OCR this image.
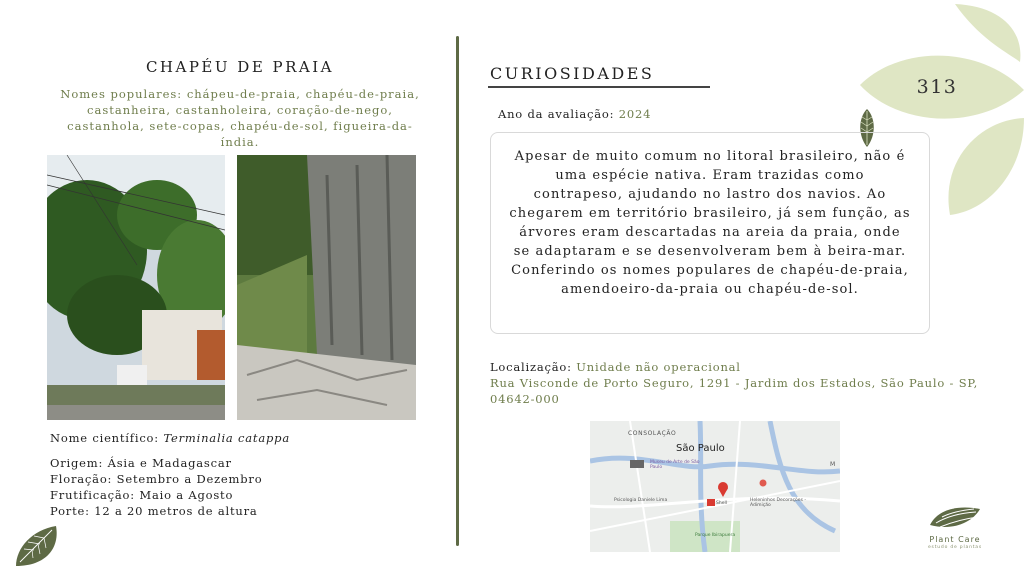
313
CHAPÉU DE PRAIA
Nomes populares: chápeu-de-praia, chapéu-de-praia, castanheira, castanholeira, coração-de-nego, castanhola, sete-copas, chapéu-de-sol, figueira-da-índia.
Nome científico: Terminalia catappa
Origem: Ásia e Madagascar
Floração: Setembro a Dezembro
Frutificação: Maio a Agosto
Porte: 12 a 20 metros de altura
CURIOSIDADES
Ano da avaliação: 2024
Apesar de muito comum no litoral brasileiro, não é uma espécie nativa. Eram trazidas como contrapeso, ajudando no lastro dos navios. Ao chegarem em território brasileiro, já sem função, as árvores eram descartadas na areia da praia, onde se adaptaram e se desenvolveram bem à beira-mar. Conferindo os nomes populares de chapéu-de-praia, amendoeiro-da-praia ou chapéu-de-sol.
Localização: Unidade não operacional
Rua Visconde de Porto Seguro, 1291 - Jardim dos Estados, São Paulo - SP, 04642-000
CONSOLAÇÃO
São Paulo
Museu de Arte de São Paulo
Psicologia Daniele Lima
Shell
Heleninhos Decorações - Adimição
Parque Ibirapuera
M
Plant Care
estudo de plantas
